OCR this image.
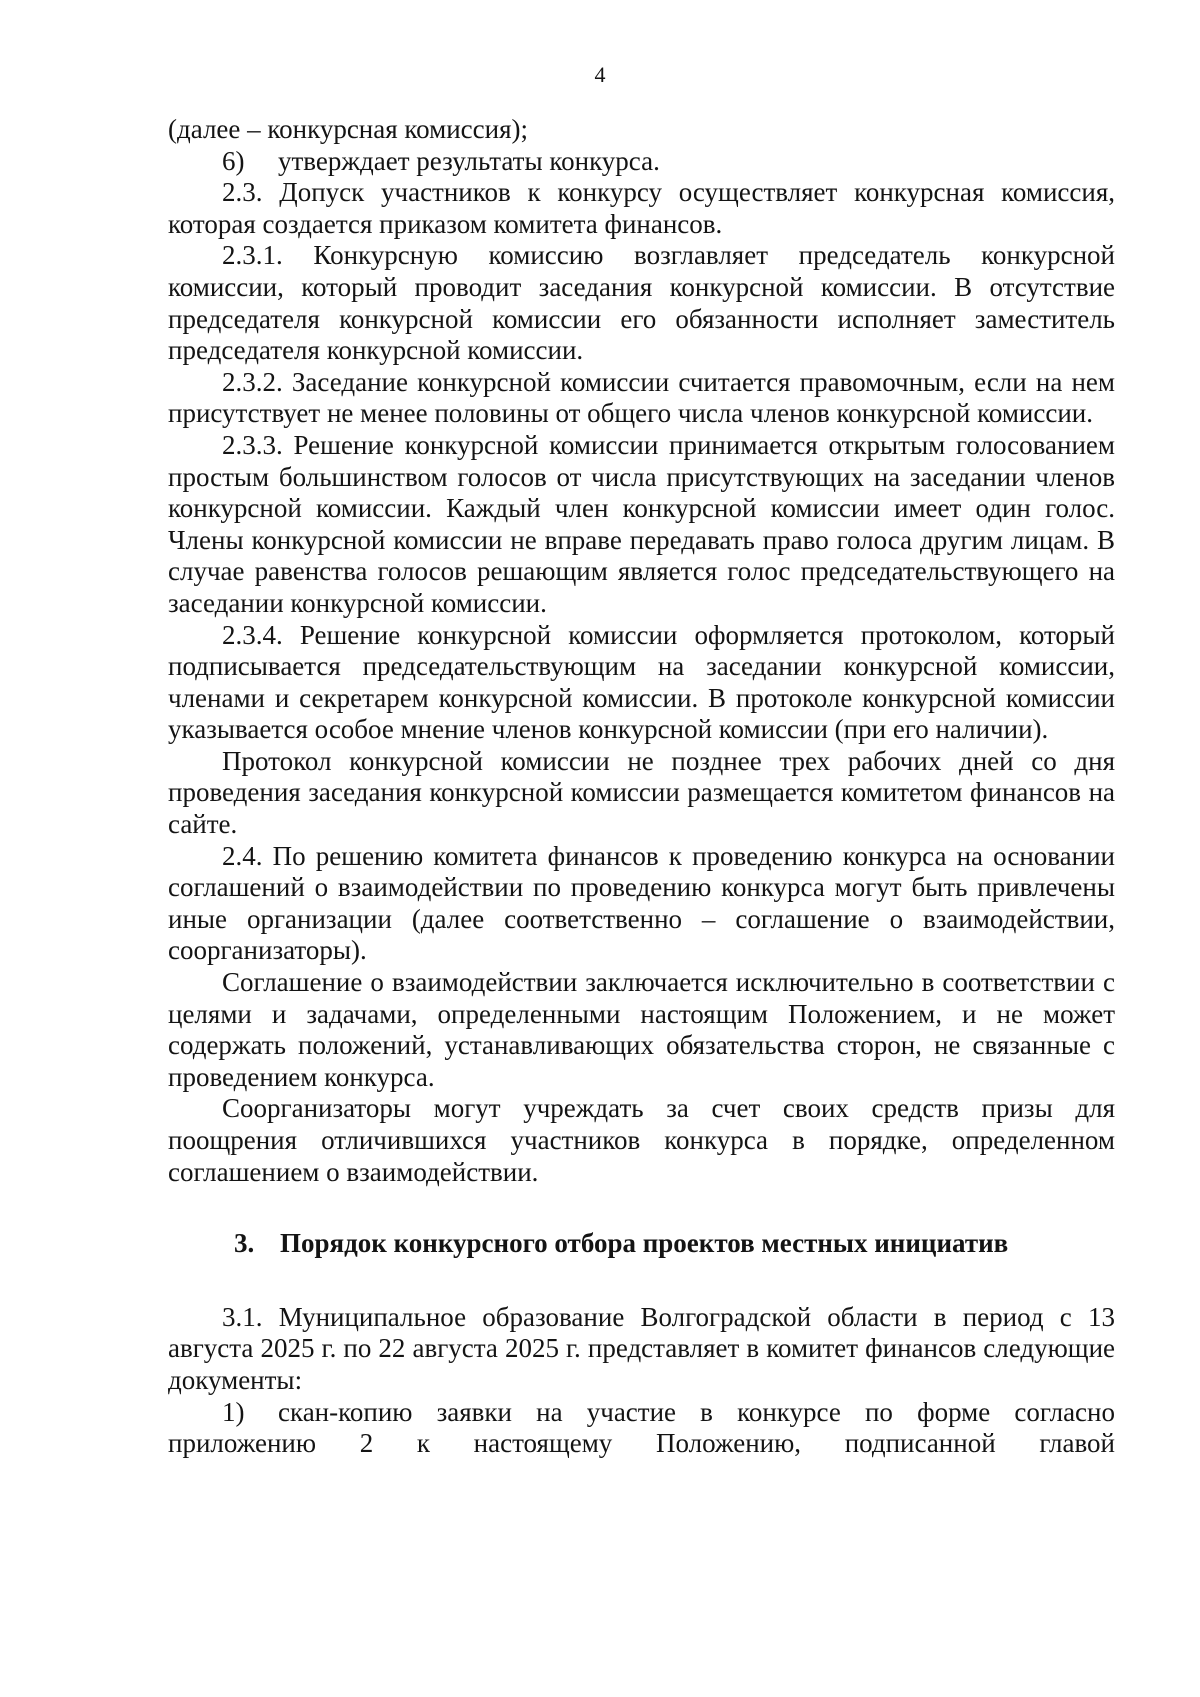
4

(далее – конкурсная комиссия);

6) утверждает результаты конкурса.

2.3. Допуск участников к конкурсу осуществляет конкурсная комиссия, которая создается приказом комитета финансов.

2.3.1. Конкурсную комиссию возглавляет председатель конкурсной комиссии, который проводит заседания конкурсной комиссии. В отсутствие председателя конкурсной комиссии его обязанности исполняет заместитель председателя конкурсной комиссии.

2.3.2. Заседание конкурсной комиссии считается правомочным, если на нем присутствует не менее половины от общего числа членов конкурсной комиссии.

2.3.3. Решение конкурсной комиссии принимается открытым голосованием простым большинством голосов от числа присутствующих на заседании членов конкурсной комиссии. Каждый член конкурсной комиссии имеет один голос. Члены конкурсной комиссии не вправе передавать право голоса другим лицам. В случае равенства голосов решающим является голос председательствующего на заседании конкурсной комиссии.

2.3.4. Решение конкурсной комиссии оформляется протоколом, который подписывается председательствующим на заседании конкурсной комиссии, членами и секретарем конкурсной комиссии. В протоколе конкурсной комиссии указывается особое мнение членов конкурсной комиссии (при его наличии).

Протокол конкурсной комиссии не позднее трех рабочих дней со дня проведения заседания конкурсной комиссии размещается комитетом финансов на сайте.

2.4. По решению комитета финансов к проведению конкурса на основании соглашений о взаимодействии по проведению конкурса могут быть привлечены иные организации (далее соответственно – соглашение о взаимодействии, соорганизаторы).

Соглашение о взаимодействии заключается исключительно в соответствии с целями и задачами, определенными настоящим Положением, и не может содержать положений, устанавливающих обязательства сторон, не связанные с проведением конкурса.

Соорганизаторы могут учреждать за счет своих средств призы для поощрения отличившихся участников конкурса в порядке, определенном соглашением о взаимодействии.

3. Порядок конкурсного отбора проектов местных инициатив

3.1. Муниципальное образование Волгоградской области в период с 13 августа 2025 г. по 22 августа 2025 г. представляет в комитет финансов следующие документы:

1) скан-копию заявки на участие в конкурсе по форме согласно приложению 2 к настоящему Положению, подписанной главой
